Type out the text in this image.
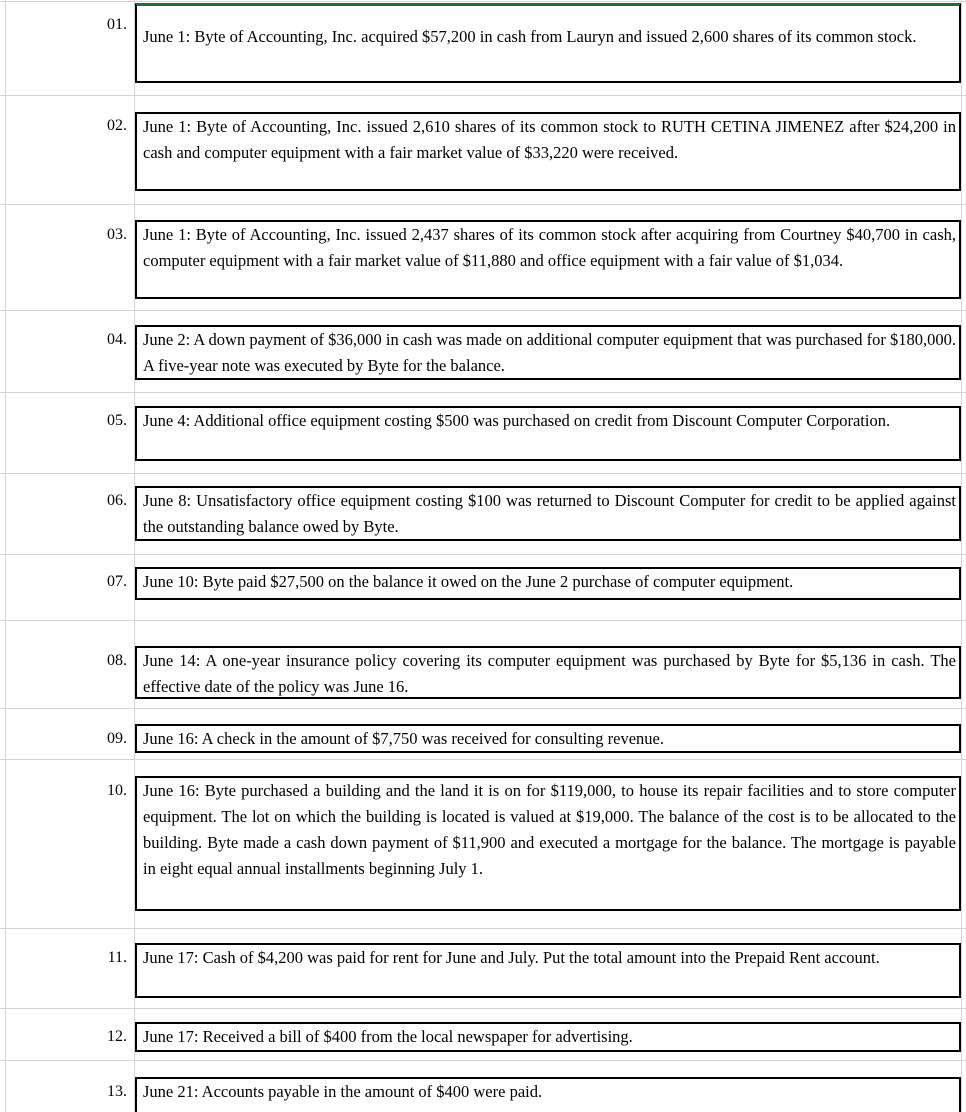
01.
June 1: Byte of Accounting, Inc. acquired $57,200 in cash from Lauryn and issued 2,600 shares of its common stock.
02. June 1: Byte of Accounting, Inc. issued 2,610 shares of its common stock to RUTH CETINA JIMENEZ after $24,200 in cash and computer equipment with a fair market value of $33,220 were received.
03. June 1: Byte of Accounting, Inc. issued 2,437 shares of its common stock after acquiring from Courtney $40,700 in cash, computer equipment with a fair market value of $11,880 and office equipment with a fair value of $1,034.
04. June 2: A down payment of $36,000 in cash was made on additional computer equipment that was purchased for $180,000. A five-year note was executed by Byte for the balance.
05. June 4: Additional office equipment costing $500 was purchased on credit from Discount Computer Corporation.
06. June 8: Unsatisfactory office equipment costing $100 was returned to Discount Computer for credit to be applied against the outstanding balance owed by Byte.
07. June 10: Byte paid $27,500 on the balance it owed on the June 2 purchase of computer equipment.
08. June 14: A one-year insurance policy covering its computer equipment was purchased by Byte for $5,136 in cash. The effective date of the policy was June 16.
09. June 16: A check in the amount of $7,750 was received for consulting revenue.
10. June 16: Byte purchased a building and the land it is on for $119,000, to house its repair facilities and to store computer equipment. The lot on which the building is located is valued at $19,000. The balance of the cost is to be allocated to the building. Byte made a cash down payment of $11,900 and executed a mortgage for the balance. The mortgage is payable in eight equal annual installments beginning July 1.
11. June 17: Cash of $4,200 was paid for rent for June and July. Put the total amount into the Prepaid Rent account.
12. June 17: Received a bill of $400 from the local newspaper for advertising.
13. June 21: Accounts payable in the amount of $400 were paid.
